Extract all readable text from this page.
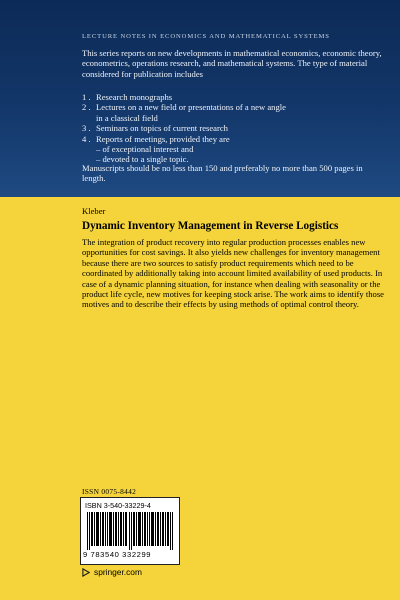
LECTURE NOTES IN ECONOMICS AND MATHEMATICAL SYSTEMS
This series reports on new developments in mathematical economics, economic theory, econometrics, operations research, and mathematical systems. The type of material considered for publication includes
1 . Research monographs
2 . Lectures on a new field or presentations of a new angle
in a classical field
3 . Seminars on topics of current research
4 . Reports of meetings, provided they are
– of exceptional interest and
– devoted to a single topic.
Manuscripts should be no less than 150 and preferably no more than 500 pages in length.
Kleber
Dynamic Inventory Management in Reverse Logistics
The integration of product recovery into regular production processes enables new opportunities for cost savings. It also yields new challenges for inventory management because there are two sources to satisfy product requirements which need to be coordinated by additionally taking into account limited availability of used products. In case of a dynamic planning situation, for instance when dealing with seasonality or the product life cycle, new motives for keeping stock arise. The work aims to identify those motives and to describe their effects by using methods of optimal control theory.
ISSN 0075-8442
ISBN 3-540-33229-4
9 783540 332299
springer.com
